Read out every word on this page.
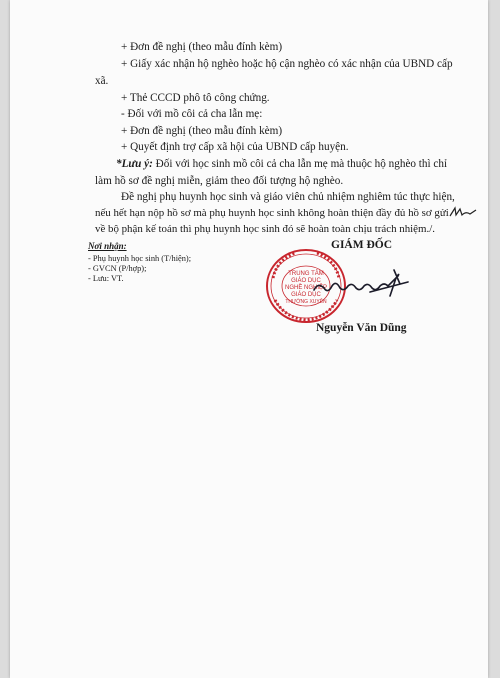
+ Đơn đề nghị (theo mẫu đính kèm)
+ Giấy xác nhận hộ nghèo hoặc hộ cận nghèo có xác nhận của UBND cấp
xã.
+ Thẻ CCCD phô tô công chứng.
- Đối với mồ côi cả cha lẫn mẹ:
+ Đơn đề nghị (theo mẫu đính kèm)
+ Quyết định trợ cấp xã hội của UBND cấp huyện.
*Lưu ý: Đối với học sinh mồ côi cả cha lẫn mẹ mà thuộc hộ nghèo thì chỉ
làm hồ sơ đề nghị miễn, giảm theo đối tượng hộ nghèo.
Đề nghị phụ huynh học sinh và giáo viên chủ nhiệm nghiêm túc thực hiện,
nếu hết hạn nộp hồ sơ mà phụ huynh học sinh không hoàn thiện đầy đủ hồ sơ gửi
về bộ phận kế toán thì phụ huynh học sinh đó sẽ hoàn toàn chịu trách nhiệm./.
Nơi nhận:
- Phụ huynh học sinh (T/hiện);
- GVCN (P/hợp);
- Lưu: VT.
GIÁM ĐỐC
TRUNG TÂM
GIÁO DỤC
NGHỀ NGHIỆP
GIÁO DỤC
THƯỜNG XUYÊN
Nguyễn Văn Dũng
